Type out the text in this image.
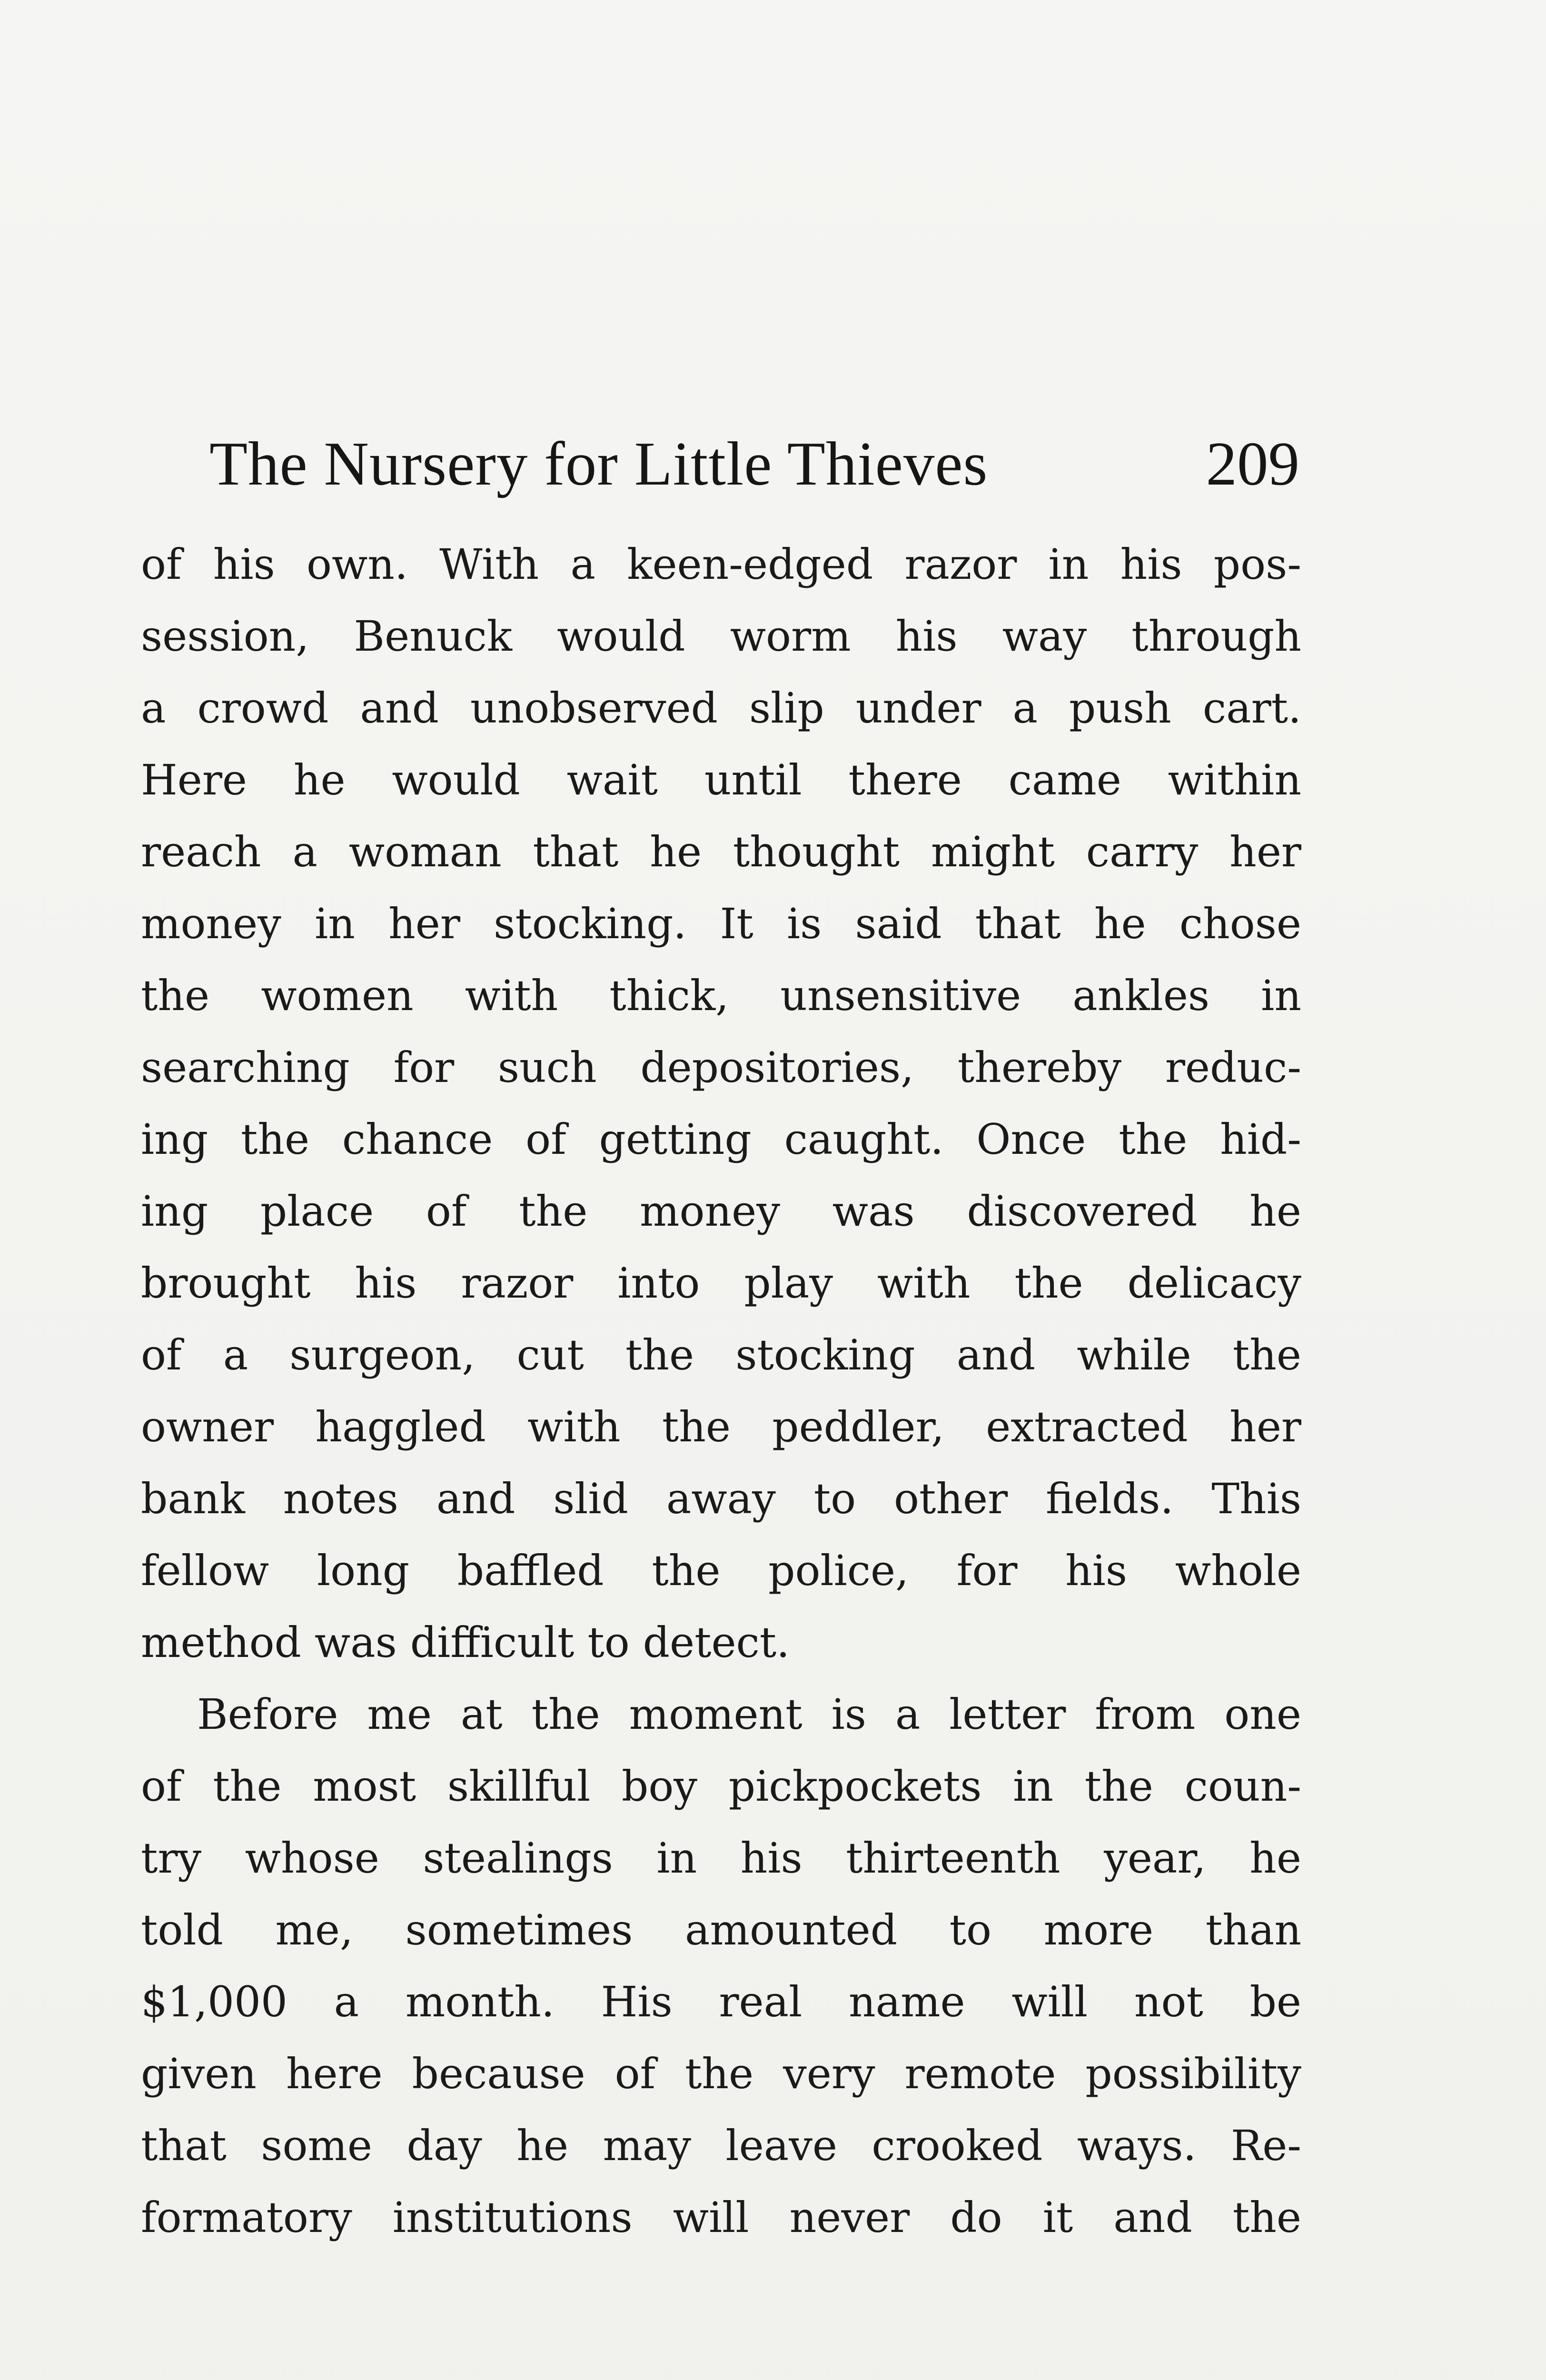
The Nursery for Little Thieves	209
of his own. With a keen-edged razor in his pos-
session, Benuck would worm his way through
a crowd and unobserved slip under a push cart.
Here he would wait until there came within
reach a woman that he thought might carry her
money in her stocking. It is said that he chose
the women with thick, unsensitive ankles in
searching for such depositories, thereby reduc-
ing the chance of getting caught. Once the hid-
ing place of the money was discovered he
brought his razor into play with the delicacy
of a surgeon, cut the stocking and while the
owner haggled with the peddler, extracted her
bank notes and slid away to other fields. This
fellow long baffled the police, for his whole
method was difficult to detect.
Before me at the moment is a letter from one
of the most skillful boy pickpockets in the coun-
try whose stealings in his thirteenth year, he
told me, sometimes amounted to more than
$1,000 a month. His real name will not be
given here because of the very remote possibility
that some day he may leave crooked ways. Re-
formatory institutions will never do it and the
